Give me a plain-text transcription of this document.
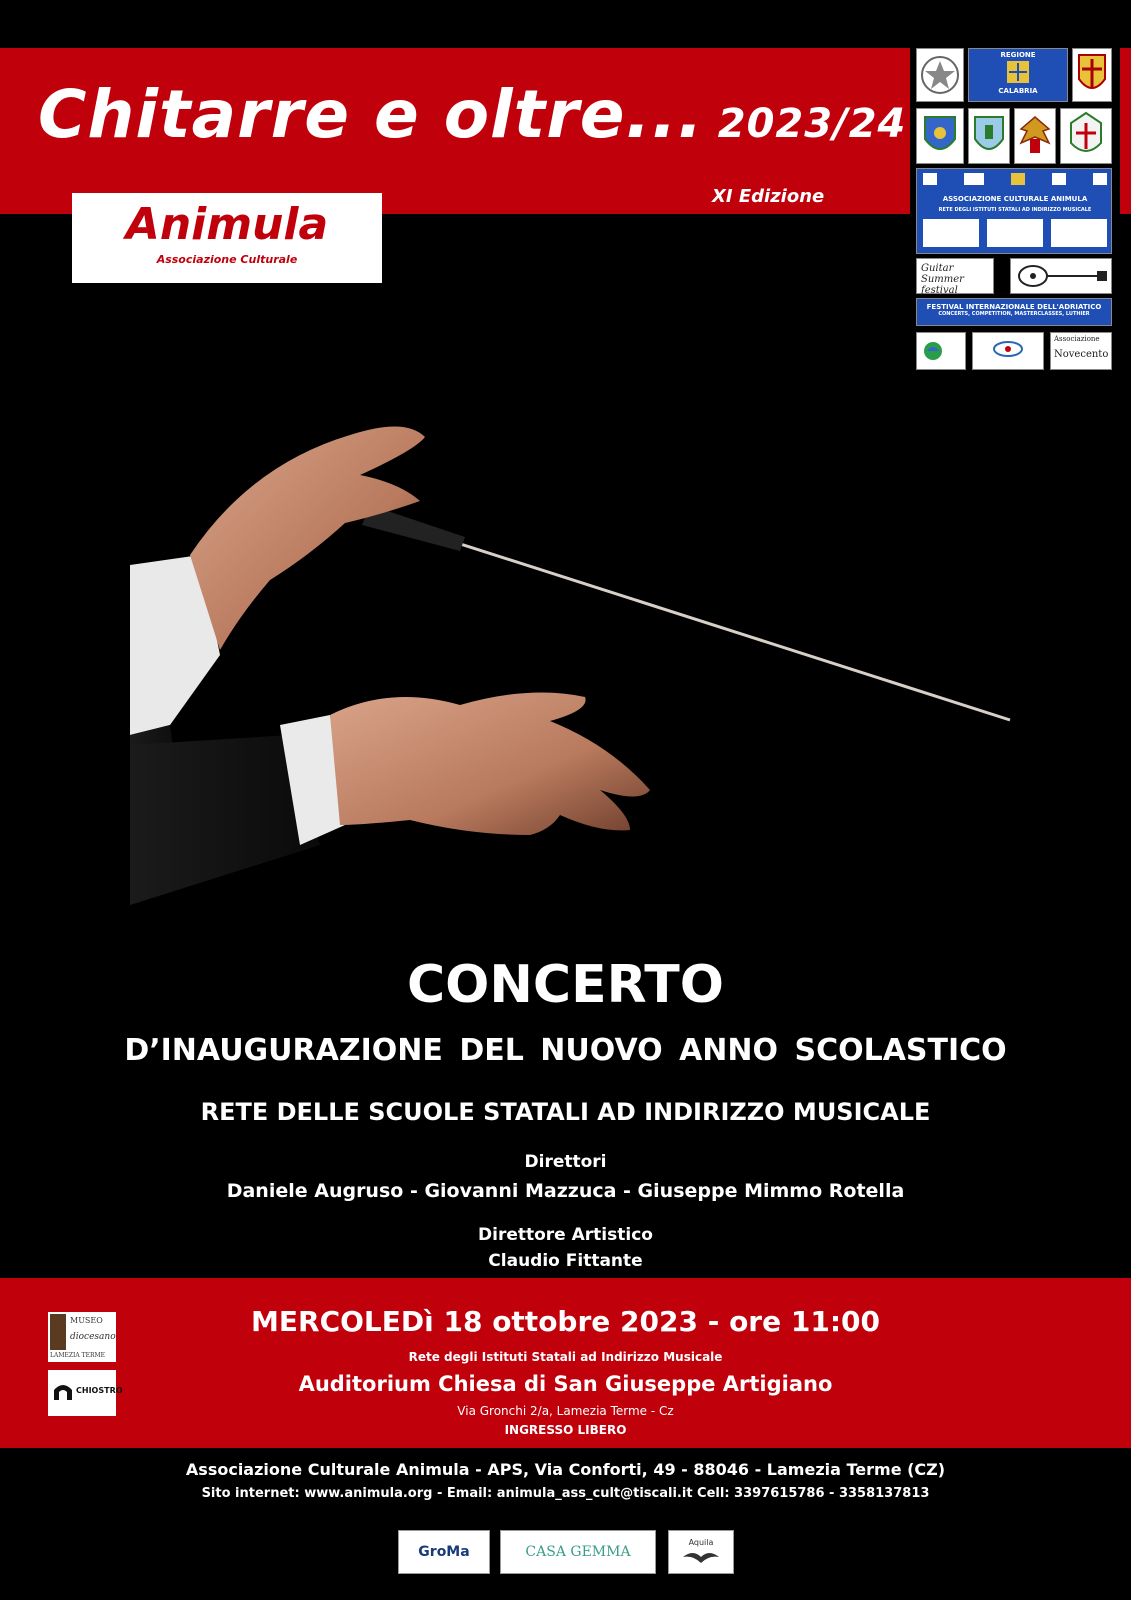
Chitarre e oltre... 2023/24
XI Edizione
Animula
Associazione Culturale
REGIONE
CALABRIA
ASSOCIAZIONE CULTURALE ANIMULA
RETE DEGLI ISTITUTI STATALI AD INDIRIZZO MUSICALE
Guitar Summer festival
FESTIVAL INTERNAZIONALE DELL'ADRIATICO
CONCERTS, COMPETITION, MASTERCLASSES, LUTHIER
Associazione
Novecento
CONCERTO
D’INAUGURAZIONE DEL NUOVO ANNO SCOLASTICO
RETE DELLE SCUOLE STATALI AD INDIRIZZO MUSICALE
Direttori
Daniele Augruso - Giovanni Mazzuca - Giuseppe Mimmo Rotella
Direttore Artistico
Claudio Fittante
MUSEO
diocesano
LAMEZIA TERME
CHIOSTRO
MERCOLEDì 18 ottobre 2023 - ore 11:00
Rete degli Istituti Statali ad Indirizzo Musicale
Auditorium Chiesa di San Giuseppe Artigiano
Via Gronchi 2/a, Lamezia Terme - Cz
INGRESSO LIBERO
Associazione Culturale Animula - APS, Via Conforti, 49 - 88046 - Lamezia Terme (CZ)
Sito internet: www.animula.org - Email: animula_ass_cult@tiscali.it Cell: 3397615786 - 3358137813
GroMa	CASA GEMMA
Aquila
